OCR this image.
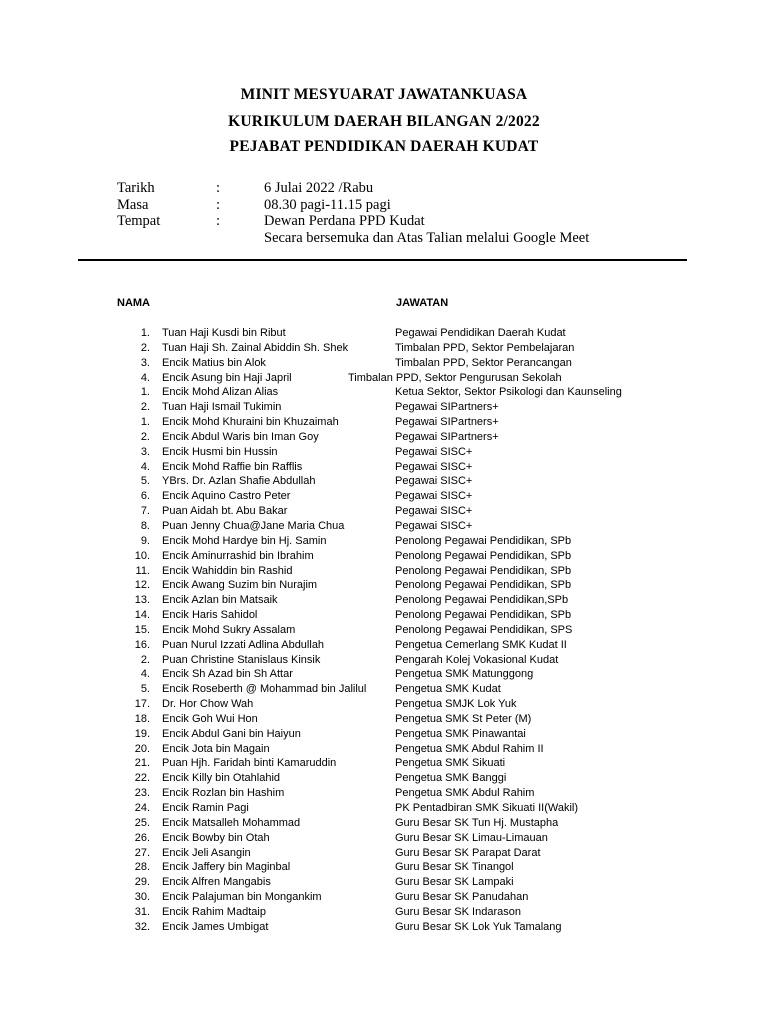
MINIT MESYUARAT JAWATANKUASA
KURIKULUM DAERAH BILANGAN 2/2022
PEJABAT PENDIDIKAN DAERAH KUDAT
Tarikh	:	6 Julai 2022 /Rabu
Masa	:	08.30 pagi-11.15 pagi
Tempat	:	Dewan Perdana PPD Kudat
Secara bersemuka dan Atas Talian melalui Google Meet
NAMA	JAWATAN
1. Tuan Haji Kusdi bin Ribut	Pegawai Pendidikan Daerah Kudat
2. Tuan Haji Sh. Zainal Abiddin Sh. Shek	Timbalan PPD, Sektor Pembelajaran
3. Encik Matius bin Alok	Timbalan PPD, Sektor Perancangan
4. Encik Asung bin Haji Japril	Timbalan PPD, Sektor Pengurusan Sekolah
1. Encik Mohd Alizan Alias	Ketua Sektor, Sektor Psikologi dan Kaunseling
2. Tuan Haji Ismail Tukimin	Pegawai SIPartners+
1. Encik Mohd Khuraini bin Khuzaimah	Pegawai SIPartners+
2. Encik Abdul Waris bin Iman Goy	Pegawai SIPartners+
3. Encik Husmi bin Hussin	Pegawai SISC+
4. Encik Mohd Raffie bin Rafflis	Pegawai SISC+
5. YBrs. Dr. Azlan Shafie Abdullah	Pegawai SISC+
6. Encik Aquino Castro Peter	Pegawai SISC+
7. Puan Aidah bt. Abu Bakar	Pegawai SISC+
8. Puan Jenny Chua@Jane Maria Chua	Pegawai SISC+
9. Encik Mohd Hardye bin Hj. Samin	Penolong Pegawai Pendidikan, SPb
10. Encik Aminurrashid bin Ibrahim	Penolong Pegawai Pendidikan, SPb
11. Encik Wahiddin bin Rashid	Penolong Pegawai Pendidikan, SPb
12. Encik Awang Suzim bin Nurajim	Penolong Pegawai Pendidikan, SPb
13. Encik Azlan bin Matsaik	Penolong Pegawai Pendidikan,SPb
14. Encik Haris Sahidol	Penolong Pegawai Pendidikan, SPb
15. Encik Mohd Sukry Assalam	Penolong Pegawai Pendidikan, SPS
16. Puan Nurul Izzati Adlina Abdullah	Pengetua Cemerlang SMK Kudat II
2. Puan Christine Stanislaus Kinsik	Pengarah Kolej Vokasional Kudat
4. Encik Sh Azad bin Sh Attar	Pengetua SMK Matunggong
5. Encik Roseberth @ Mohammad bin Jalilul	Pengetua SMK Kudat
17. Dr. Hor Chow Wah	Pengetua SMJK Lok Yuk
18. Encik Goh Wui Hon	Pengetua SMK St Peter (M)
19. Encik Abdul Gani bin Haiyun	Pengetua SMK Pinawantai
20. Encik Jota bin Magain	Pengetua SMK Abdul Rahim II
21. Puan Hjh. Faridah binti Kamaruddin	Pengetua SMK Sikuati
22. Encik Killy bin Otahlahid	Pengetua SMK Banggi
23. Encik Rozlan bin Hashim	Pengetua SMK Abdul Rahim
24. Encik Ramin Pagi	PK Pentadbiran SMK Sikuati II(Wakil)
25. Encik Matsalleh Mohammad	Guru Besar SK Tun Hj. Mustapha
26. Encik Bowby bin Otah	Guru Besar SK Limau-Limauan
27. Encik Jeli Asangin	Guru Besar SK Parapat Darat
28. Encik Jaffery bin Maginbal	Guru Besar SK Tinangol
29. Encik Alfren Mangabis	Guru Besar SK Lampaki
30. Encik Palajuman bin Mongankim	Guru Besar SK Panudahan
31. Encik Rahim Madtaip	Guru Besar SK Indarason
32. Encik James Umbigat	Guru Besar SK Lok Yuk Tamalang
